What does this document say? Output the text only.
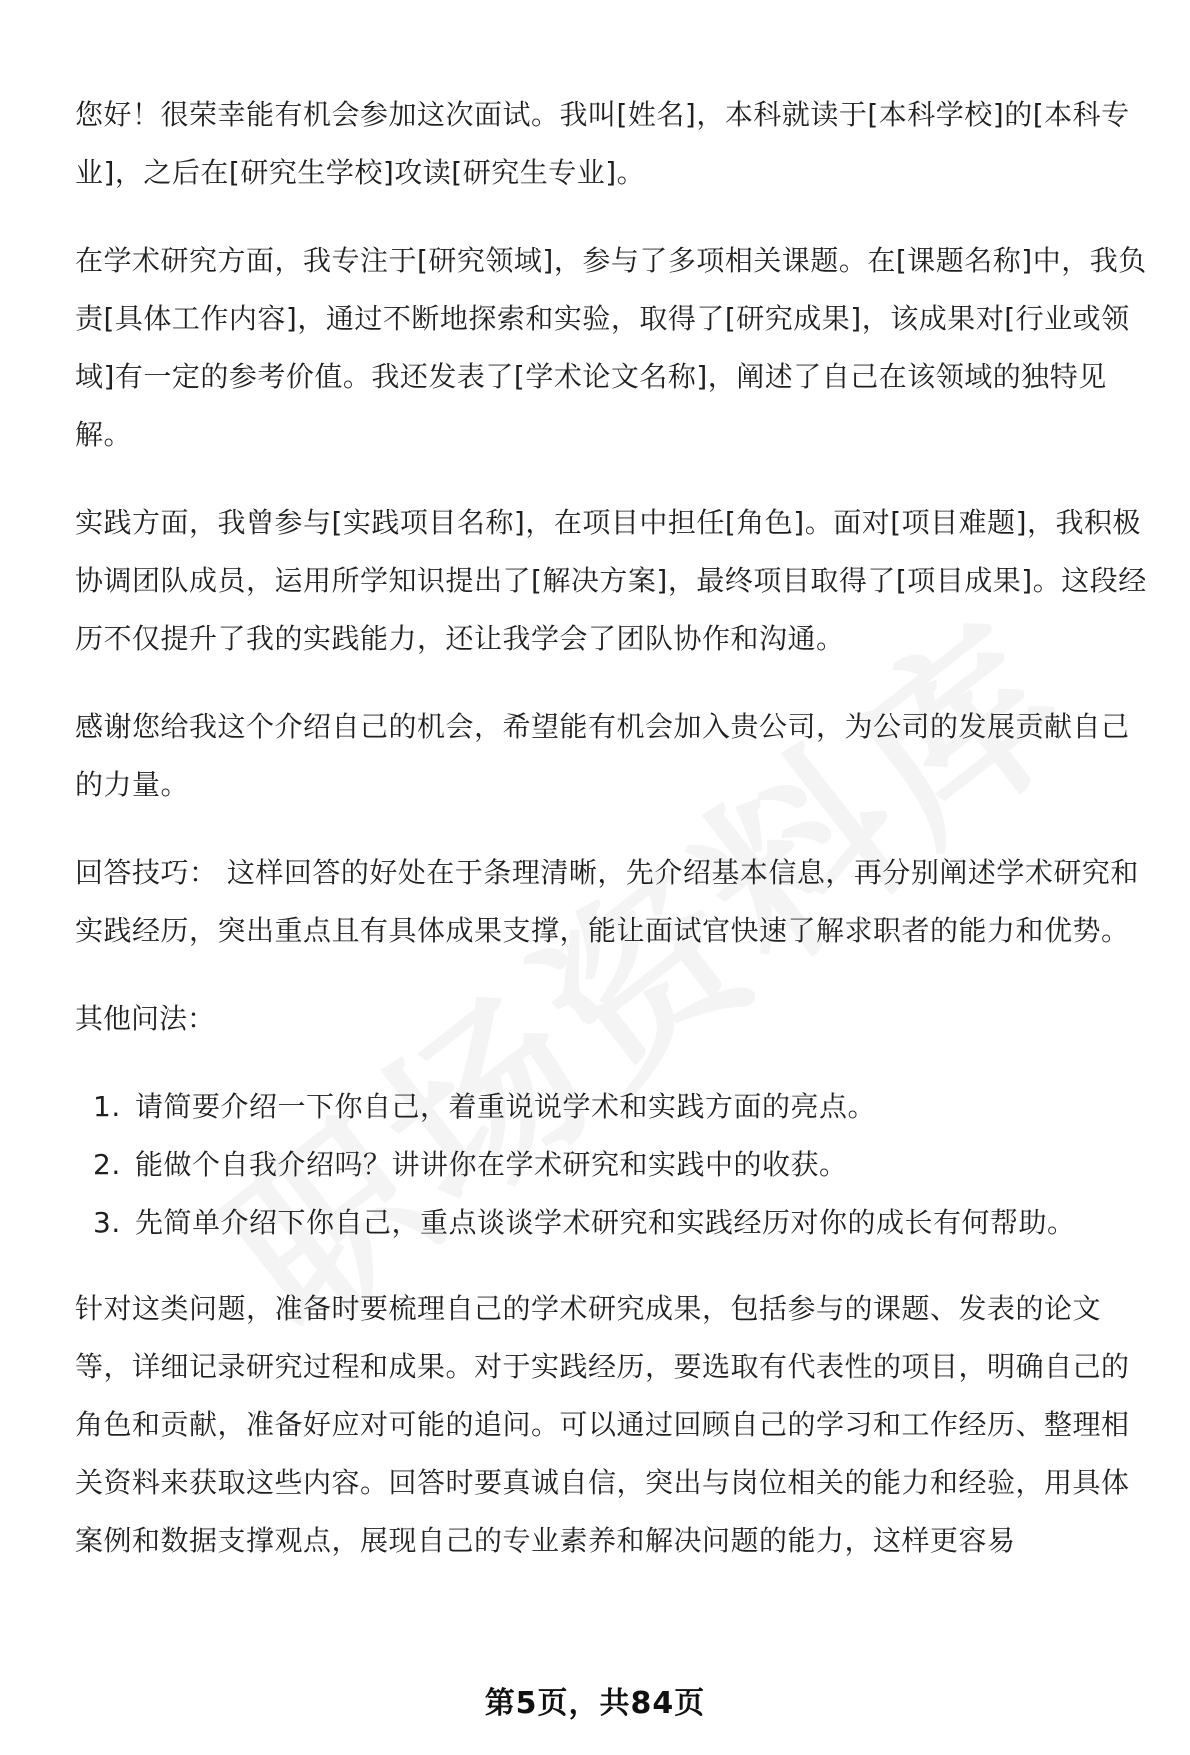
您好！很荣幸能有机会参加这次面试。我叫[姓名]，本科就读于[本科学校]的[本科专业]，之后在[研究生学校]攻读[研究生专业]。

在学术研究方面，我专注于[研究领域]，参与了多项相关课题。在[课题名称]中，我负责[具体工作内容]，通过不断地探索和实验，取得了[研究成果]，该成果对[行业或领域]有一定的参考价值。我还发表了[学术论文名称]，阐述了自己在该领域的独特见解。

实践方面，我曾参与[实践项目名称]，在项目中担任[角色]。面对[项目难题]，我积极协调团队成员，运用所学知识提出了[解决方案]，最终项目取得了[项目成果]。这段经历不仅提升了我的实践能力，还让我学会了团队协作和沟通。

感谢您给我这个介绍自己的机会，希望能有机会加入贵公司，为公司的发展贡献自己的力量。

回答技巧： 这样回答的好处在于条理清晰，先介绍基本信息，再分别阐述学术研究和实践经历，突出重点且有具体成果支撑，能让面试官快速了解求职者的能力和优势。

其他问法：

1. 请简要介绍一下你自己，着重说说学术和实践方面的亮点。
2. 能做个自我介绍吗？讲讲你在学术研究和实践中的收获。
3. 先简单介绍下你自己，重点谈谈学术研究和实践经历对你的成长有何帮助。

针对这类问题，准备时要梳理自己的学术研究成果，包括参与的课题、发表的论文等，详细记录研究过程和成果。对于实践经历，要选取有代表性的项目，明确自己的角色和贡献，准备好应对可能的追问。可以通过回顾自己的学习和工作经历、整理相关资料来获取这些内容。回答时要真诚自信，突出与岗位相关的能力和经验，用具体案例和数据支撑观点，展现自己的专业素养和解决问题的能力，这样更容易

第5页，共84页
